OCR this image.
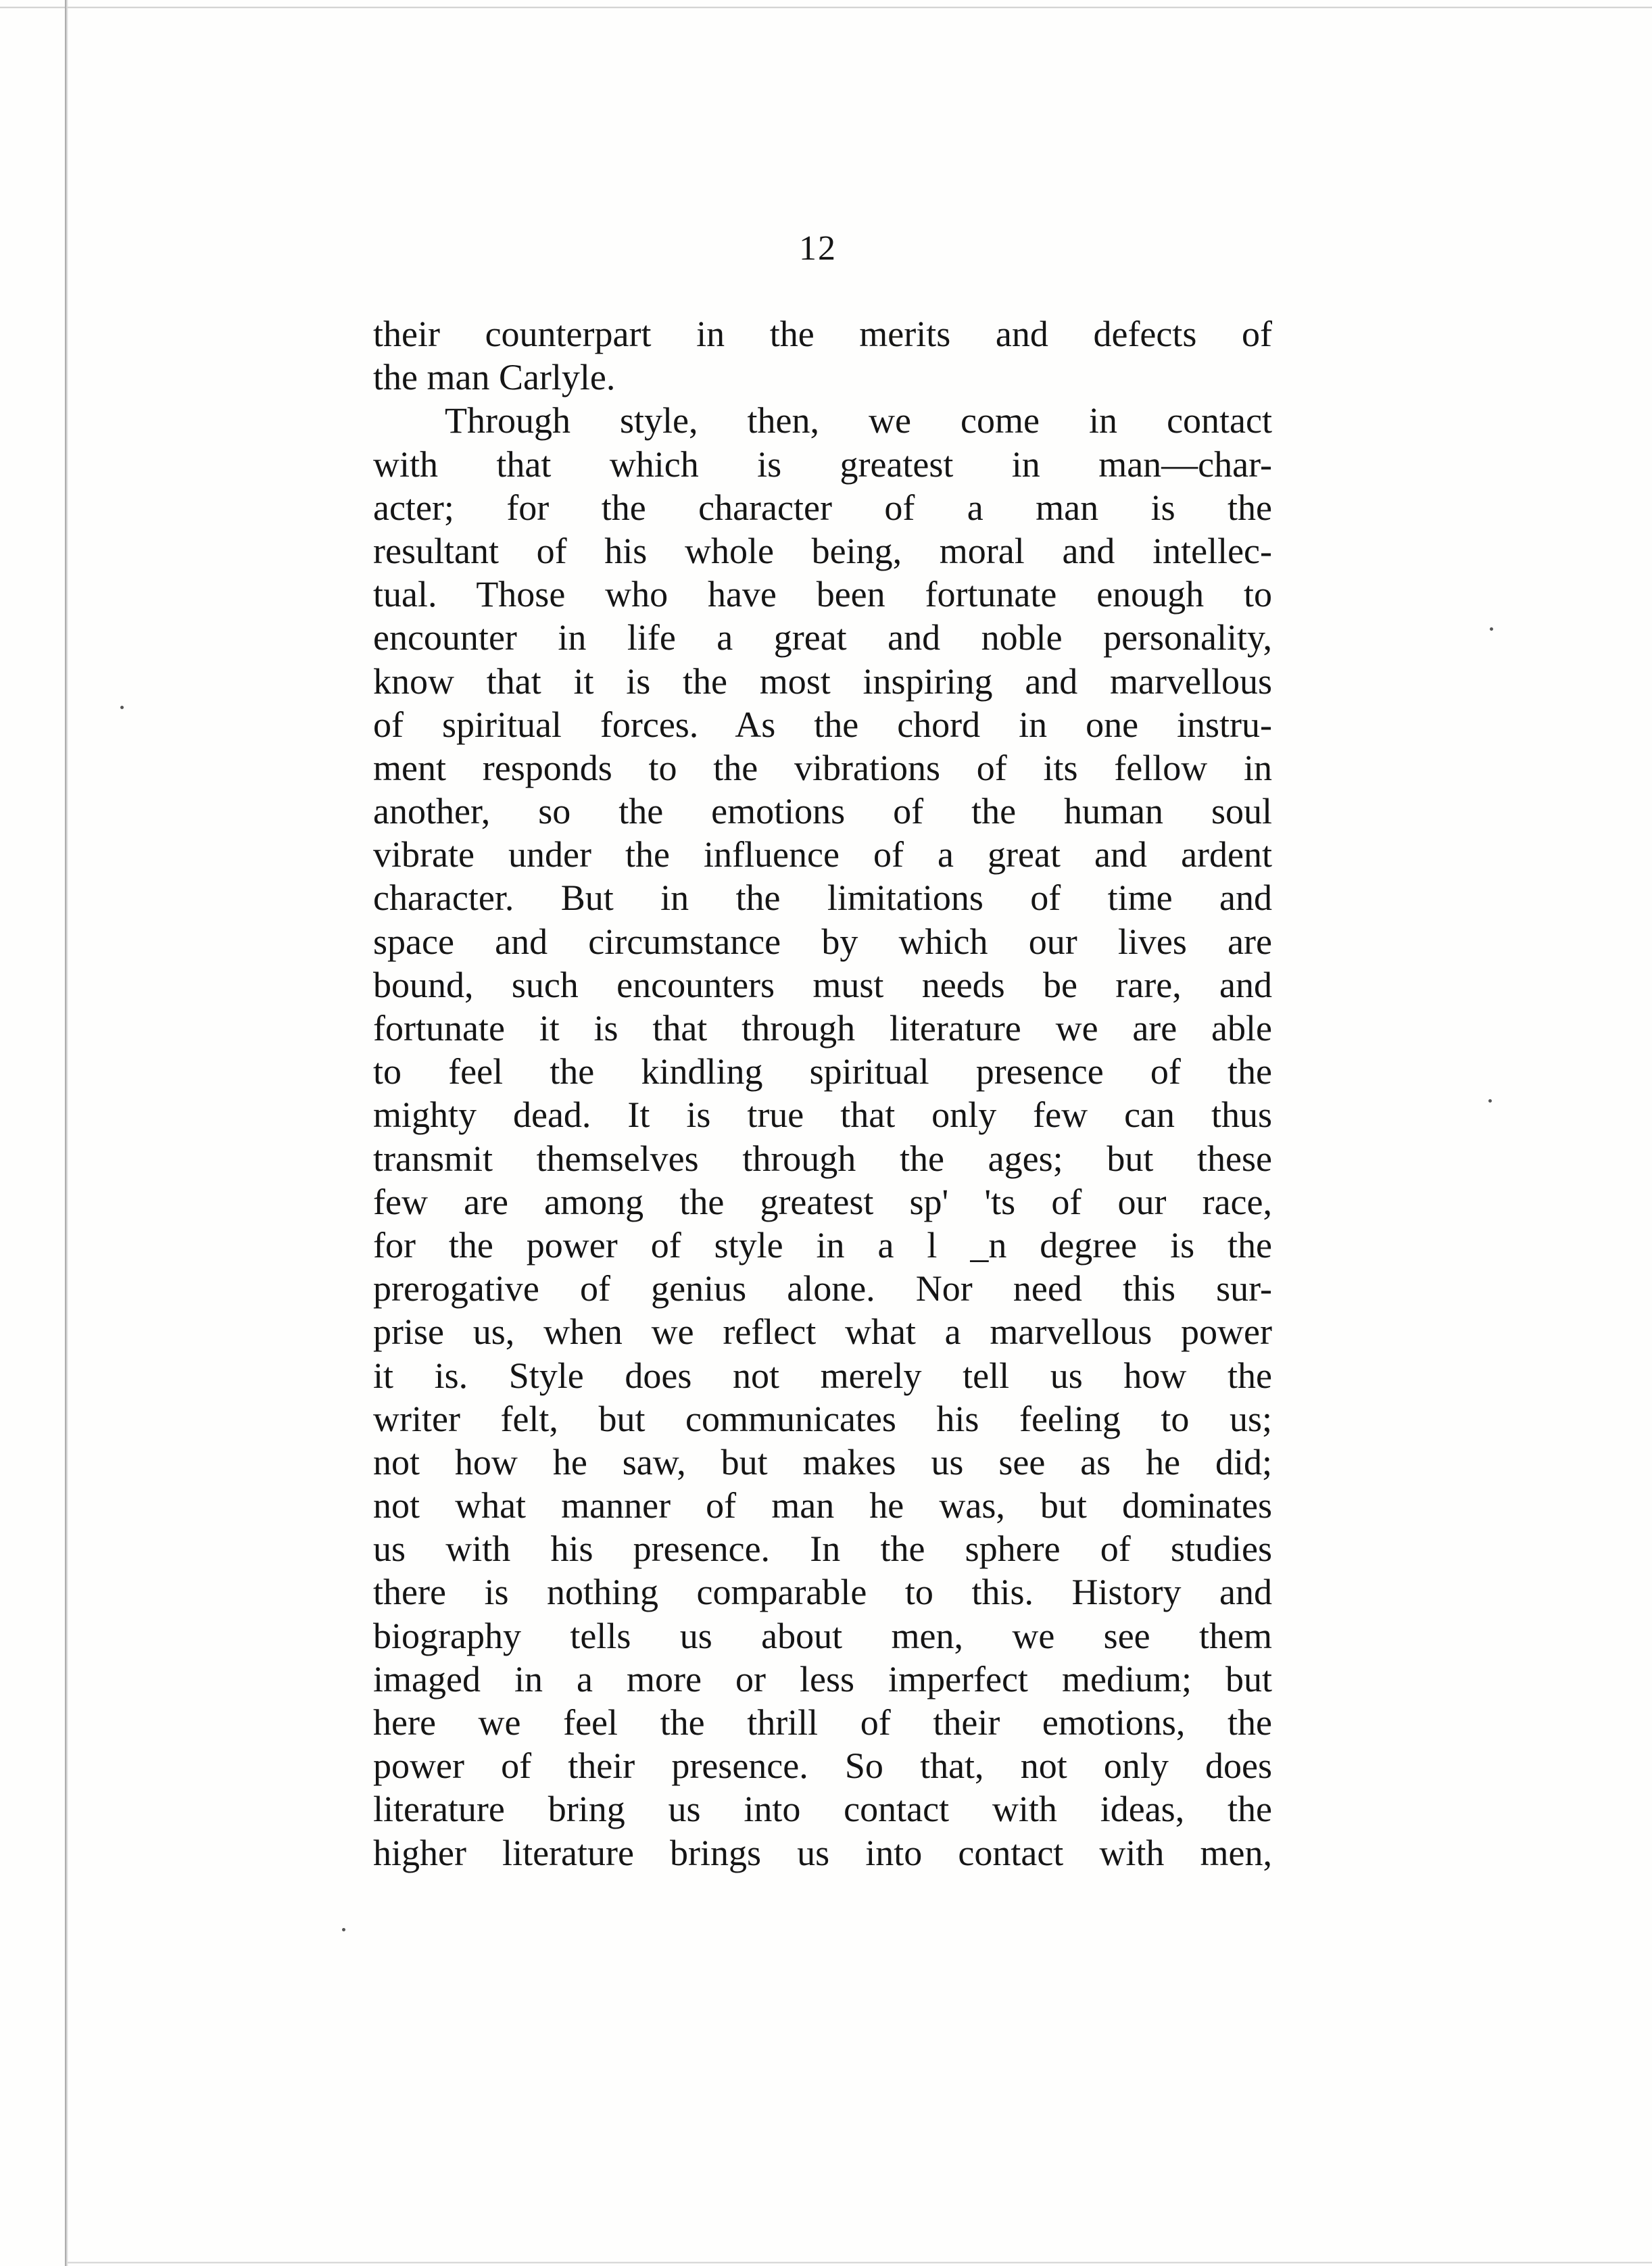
12
their counterpart in the merits and defects of
the man Carlyle.
Through style, then, we come in contact
with that which is greatest in man—char-
acter; for the character of a man is the
resultant of his whole being, moral and intellec-
tual. Those who have been fortunate enough to
encounter in life a great and noble personality,
know that it is the most inspiring and marvellous
of spiritual forces. As the chord in one instru-
ment responds to the vibrations of its fellow in
another, so the emotions of the human soul
vibrate under the influence of a great and ardent
character. But in the limitations of time and
space and circumstance by which our lives are
bound, such encounters must needs be rare, and
fortunate it is that through literature we are able
to feel the kindling spiritual presence of the
mighty dead. It is true that only few can thus
transmit themselves through the ages; but these
few are among the greatest sp' 'ts of our race,
for the power of style in a l _n degree is the
prerogative of genius alone. Nor need this sur-
prise us, when we reflect what a marvellous power
it is. Style does not merely tell us how the
writer felt, but communicates his feeling to us;
not how he saw, but makes us see as he did;
not what manner of man he was, but dominates
us with his presence. In the sphere of studies
there is nothing comparable to this. History and
biography tells us about men, we see them
imaged in a more or less imperfect medium; but
here we feel the thrill of their emotions, the
power of their presence. So that, not only does
literature bring us into contact with ideas, the
higher literature brings us into contact with men,
